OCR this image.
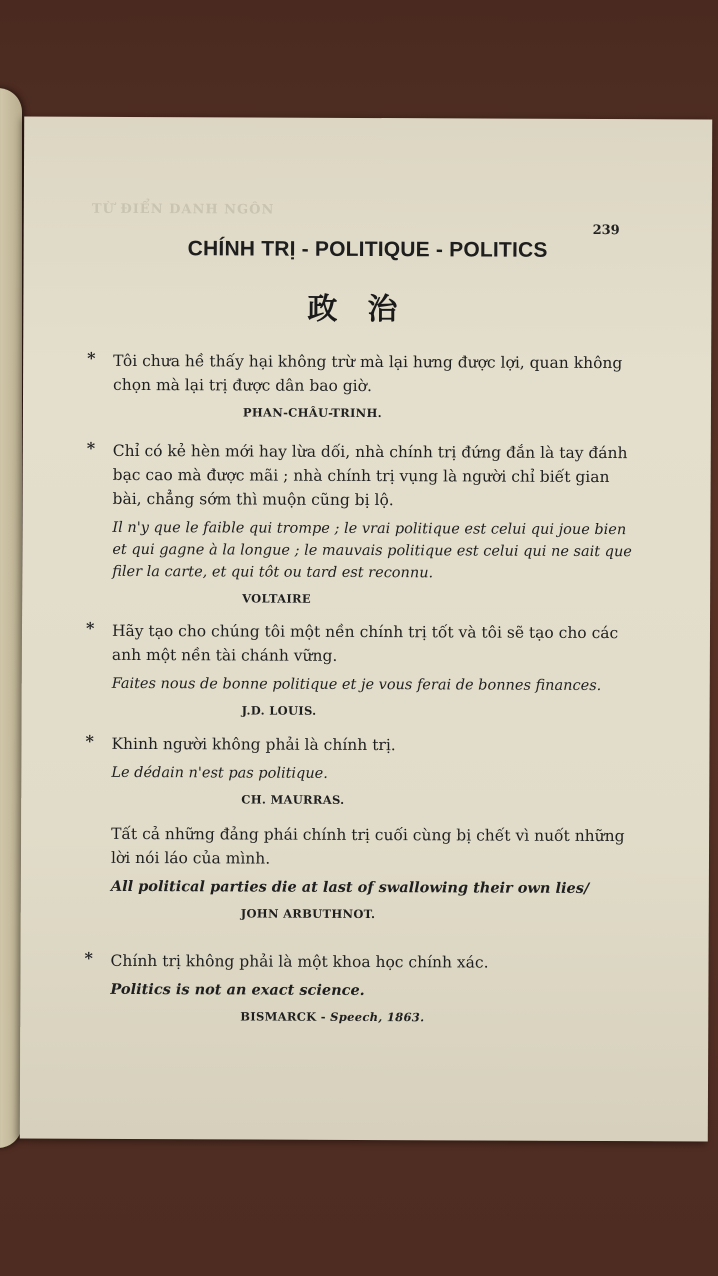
TỪ ĐIỂN DANH NGÔN
239
CHÍNH TRỊ - POLITIQUE - POLITICS
政治
* Tôi chưa hề thấy hại không trừ mà lại hưng được lợi, quan không chọn mà lại trị được dân bao giờ.

PHAN-CHÂU-TRINH.
* Chỉ có kẻ hèn mới hay lừa dối, nhà chính trị đứng đắn là tay đánh bạc cao mà được mãi ; nhà chính trị vụng là người chỉ biết gian bài, chẳng sớm thì muộn cũng bị lộ.

Il n'y que le faible qui trompe ; le vrai politique est celui qui joue bien et qui gagne à la longue ; le mauvais politique est celui qui ne sait que filer la carte, et qui tôt ou tard est reconnu.

VOLTAIRE
* Hãy tạo cho chúng tôi một nền chính trị tốt và tôi sẽ tạo cho các anh một nền tài chánh vững.

Faites nous de bonne politique et je vous ferai de bonnes finances.

J.D. LOUIS.
* Khinh người không phải là chính trị.

Le dédain n'est pas politique.

CH. MAURRAS.

Tất cả những đảng phái chính trị cuối cùng bị chết vì nuốt những lời nói láo của mình.

All political parties die at last of swallowing their own lies/

JOHN ARBUTHNOT.
* Chính trị không phải là một khoa học chính xác.

Politics is not an exact science.

BISMARCK - Speech, 1863.
